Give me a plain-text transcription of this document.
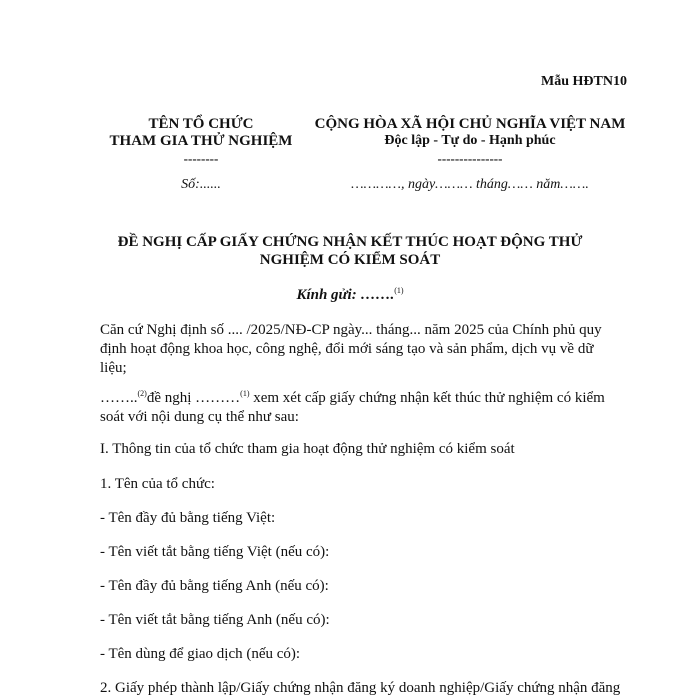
Mẫu HĐTN10
TÊN TỔ CHỨC
THAM GIA THỬ NGHIỆM
--------
Số:......
CỘNG HÒA XÃ HỘI CHỦ NGHĨA VIỆT NAM
Độc lập - Tự do - Hạnh phúc
---------------
…………, ngày……… tháng…… năm…….
ĐỀ NGHỊ CẤP GIẤY CHỨNG NHẬN KẾT THÚC HOẠT ĐỘNG THỬ
NGHIỆM CÓ KIỂM SOÁT
Kính gửi: …….$^{(1)}$
Căn cứ Nghị định số .... /2025/NĐ-CP ngày... tháng... năm 2025 của Chính phủ quy
định hoạt động khoa học, công nghệ, đổi mới sáng tạo và sản phẩm, dịch vụ về dữ
liệu;
……..$^{(2)}$đề nghị ………$^{(1)}$ xem xét cấp giấy chứng nhận kết thúc thử nghiệm có kiểm
soát với nội dung cụ thể như sau:
I. Thông tin của tổ chức tham gia hoạt động thử nghiệm có kiểm soát
1. Tên của tổ chức:
- Tên đầy đủ bằng tiếng Việt:
- Tên viết tắt bằng tiếng Việt (nếu có):
- Tên đầy đủ bằng tiếng Anh (nếu có):
- Tên viết tắt bằng tiếng Anh (nếu có):
- Tên dùng để giao dịch (nếu có):
2. Giấy phép thành lập/Giấy chứng nhận đăng ký doanh nghiệp/Giấy chứng nhận đăng
